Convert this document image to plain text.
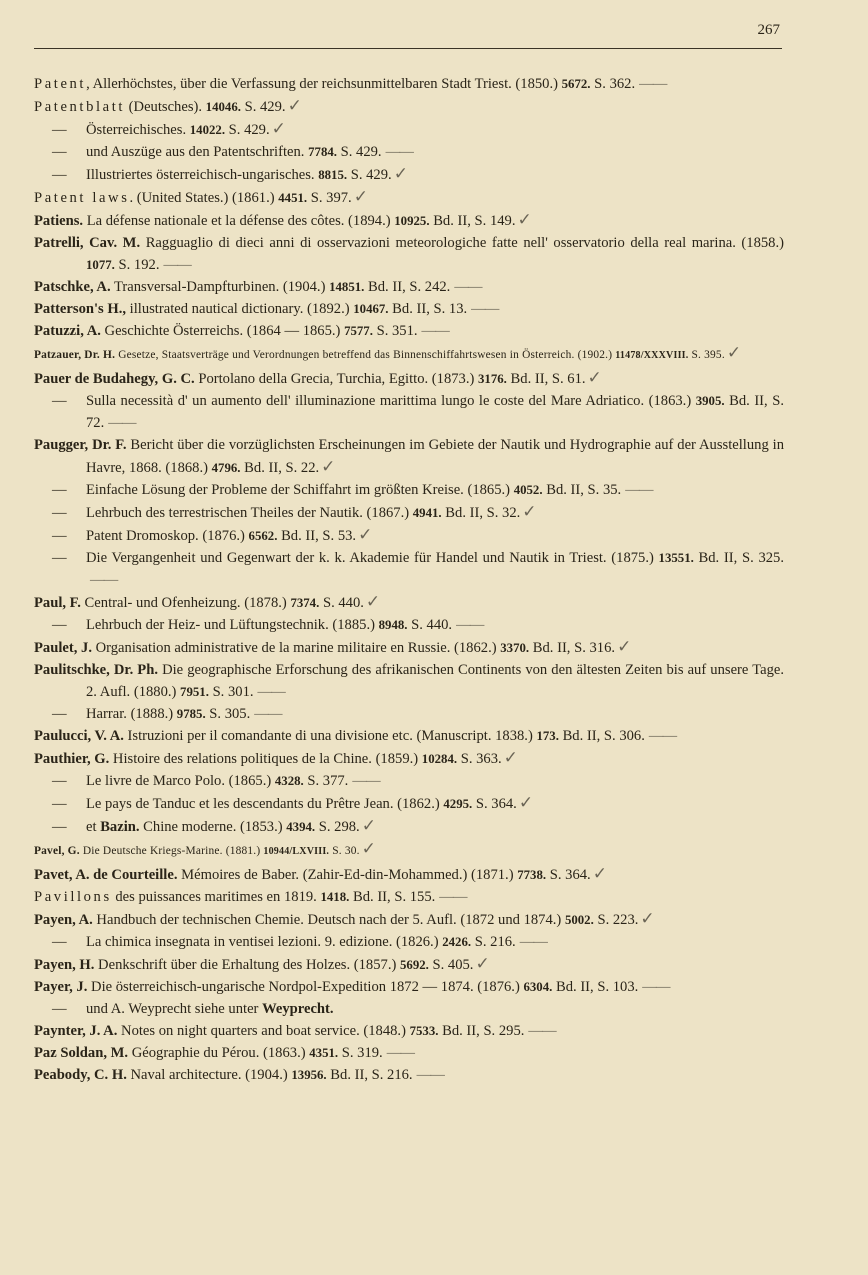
267
Patent, Allerhöchstes, über die Verfassung der reichsunmittelbaren Stadt Triest. (1850.) 5672. S. 362. ——
Patentblatt (Deutsches). 14046. S. 429. ✓
— Österreichisches. 14022. S. 429. ✓
— und Auszüge aus den Patentschriften. 7784. S. 429. ——
— Illustriertes österreichisch-ungarisches. 8815. S. 429. ✓
Patent laws. (United States.) (1861.) 4451. S. 397. ✓
Patiens. La défense nationale et la défense des côtes. (1894.) 10925. Bd. II, S. 149. ✓
Patrelli, Cav. M. Ragguaglio di dieci anni di osservazioni meteorologiche fatte nell' osservatorio della real marina. (1858.) 1077. S. 192. ——
Patschke, A. Transversal-Dampfturbinen. (1904.) 14851. Bd. II, S. 242. ——
Patterson's H., illustrated nautical dictionary. (1892.) 10467. Bd. II, S. 13. ——
Patuzzi, A. Geschichte Österreichs. (1864 — 1865.) 7577. S. 351. ——
Patzauer, Dr. H. Gesetze, Staatsverträge und Verordnungen betreffend das Binnenschiffahrtswesen in Österreich. (1902.) 11478/XXXVIII. S. 395. ✓
Pauer de Budahegy, G. C. Portolano della Grecia, Turchia, Egitto. (1873.) 3176. Bd. II, S. 61. ✓
— Sulla necessità d' un aumento dell' illuminazione marittima lungo le coste del Mare Adriatico. (1863.) 3905. Bd. II, S. 72. ——
Paugger, Dr. F. Bericht über die vorzüglichsten Erscheinungen im Gebiete der Nautik und Hydrographie auf der Ausstellung in Havre, 1868. (1868.) 4796. Bd. II, S. 22. ✓
— Einfache Lösung der Probleme der Schiffahrt im größten Kreise. (1865.) 4052. Bd. II, S. 35. ——
— Lehrbuch des terrestrischen Theiles der Nautik. (1867.) 4941. Bd. II, S. 32. ✓
— Patent Dromoskop. (1876.) 6562. Bd. II, S. 53. ✓
— Die Vergangenheit und Gegenwart der k. k. Akademie für Handel und Nautik in Triest. (1875.) 13551. Bd. II, S. 325.——
Paul, F. Central- und Ofenheizung. (1878.) 7374. S. 440. ✓
— Lehrbuch der Heiz- und Lüftungstechnik. (1885.) 8948. S. 440. ——
Paulet, J. Organisation administrative de la marine militaire en Russie. (1862.) 3370. Bd. II, S. 316. ✓
Paulitschke, Dr. Ph. Die geographische Erforschung des afrikanischen Continents von den ältesten Zeiten bis auf unsere Tage. 2. Aufl. (1880.) 7951. S. 301. ——
— Harrar. (1888.) 9785. S. 305. ——
Paulucci, V. A. Istruzioni per il comandante di una divisione etc. (Manuscript. 1838.) 173. Bd. II, S. 306. ——
Pauthier, G. Histoire des relations politiques de la Chine. (1859.) 10284. S. 363. ✓
— Le livre de Marco Polo. (1865.) 4328. S. 377. ——
— Le pays de Tanduc et les descendants du Prêtre Jean. (1862.) 4295. S. 364. ✓
— et Bazin. Chine moderne. (1853.) 4394. S. 298. ✓
Pavel, G. Die Deutsche Kriegs-Marine. (1881.) 10944/LXVIII. S. 30. ✓
Pavet, A. de Courteille. Mémoires de Baber. (Zahir-Ed-din-Mohammed.) (1871.) 7738. S. 364. ✓
Pavillons des puissances maritimes en 1819. 1418. Bd. II, S. 155. ——
Payen, A. Handbuch der technischen Chemie. Deutsch nach der 5. Aufl. (1872 und 1874.) 5002. S. 223. ✓
— La chimica insegnata in ventisei lezioni. 9. edizione. (1826.) 2426. S. 216. ——
Payen, H. Denkschrift über die Erhaltung des Holzes. (1857.) 5692. S. 405. ✓
Payer, J. Die österreichisch-ungarische Nordpol-Expedition 1872 — 1874. (1876.) 6304. Bd. II, S. 103. ——
— und A. Weyprecht siehe unter Weyprecht.
Paynter, J. A. Notes on night quarters and boat service. (1848.) 7533. Bd. II, S. 295. ——
Paz Soldan, M. Géographie du Pérou. (1863.) 4351. S. 319. ——
Peabody, C. H. Naval architecture. (1904.) 13956. Bd. II, S. 216. ——
